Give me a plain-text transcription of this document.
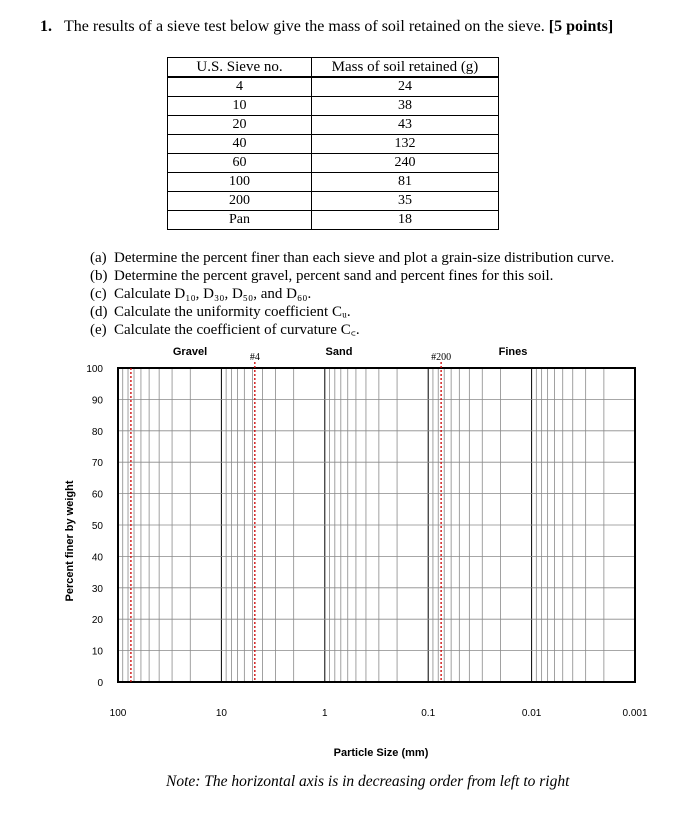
1. The results of a sieve test below give the mass of soil retained on the sieve. [5 points]
U.S. Sieve no.	Mass of soil retained (g)
4	24
10	38
20	43
40	132
60	240
100	81
200	35
Pan	18
(a) Determine the percent finer than each sieve and plot a grain-size distribution curve.
(b) Determine the percent gravel, percent sand and percent fines for this soil.
(c) Calculate D₁₀, D₃₀, D₅₀, and D₆₀.
(d) Calculate the uniformity coefficient Cᵤ.
(e) Calculate the coefficient of curvature C꜀.
#4	#200
Gravel	Sand	Fines
0
10
20
30
40
50
60
70
80
90
100
100	10	1	0.1	0.01	0.001
Percent finer by weight
Particle Size (mm)
Note: The horizontal axis is in decreasing order from left to right
